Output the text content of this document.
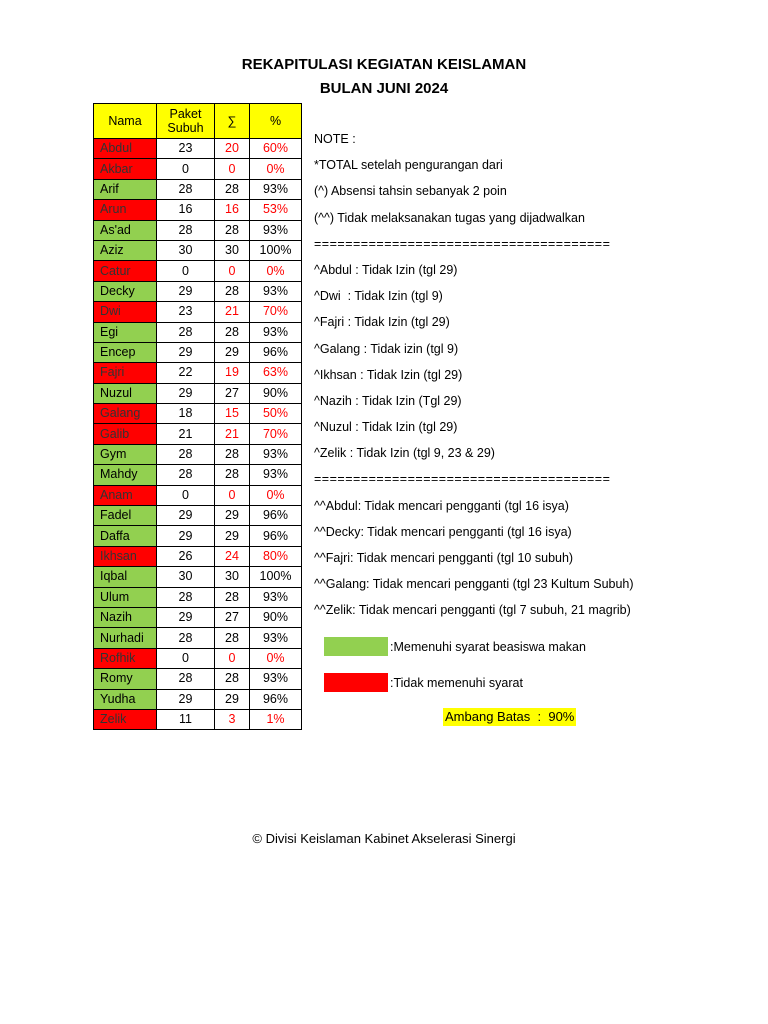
REKAPITULASI KEGIATAN KEISLAMAN
BULAN JUNI 2024
Nama	Paket Subuh	∑	%
Abdul	23	20	60%
Akbar	0	0	0%
Arif	28	28	93%
Arun	16	16	53%
As'ad	28	28	93%
Aziz	30	30	100%
Catur	0	0	0%
Decky	29	28	93%
Dwi	23	21	70%
Egi	28	28	93%
Encep	29	29	96%
Fajri	22	19	63%
Nuzul	29	27	90%
Galang	18	15	50%
Galib	21	21	70%
Gym	28	28	93%
Mahdy	28	28	93%
Anam	0	0	0%
Fadel	29	29	96%
Daffa	29	29	96%
Ikhsan	26	24	80%
Iqbal	30	30	100%
Ulum	28	28	93%
Nazih	29	27	90%
Nurhadi	28	28	93%
Rofhik	0	0	0%
Romy	28	28	93%
Yudha	29	29	96%
Zelik	11	3	1%
NOTE :
*TOTAL setelah pengurangan dari
(^) Absensi tahsin sebanyak 2 poin
(^^) Tidak melaksanakan tugas yang dijadwalkan
======================================
^Abdul : Tidak Izin (tgl 29)
^Dwi  : Tidak Izin (tgl 9)
^Fajri : Tidak Izin (tgl 29)
^Galang : Tidak izin (tgl 9)
^Ikhsan : Tidak Izin (tgl 29)
^Nazih : Tidak Izin (Tgl 29)
^Nuzul : Tidak Izin (tgl 29)
^Zelik : Tidak Izin (tgl 9, 23 & 29)
======================================
^^Abdul: Tidak mencari pengganti (tgl 16 isya)
^^Decky: Tidak mencari pengganti (tgl 16 isya)
^^Fajri: Tidak mencari pengganti (tgl 10 subuh)
^^Galang: Tidak mencari pengganti (tgl 23 Kultum Subuh)
^^Zelik: Tidak mencari pengganti (tgl 7 subuh, 21 magrib)
:Memenuhi syarat beasiswa makan
:Tidak memenuhi syarat
Ambang Batas  :  90%
© Divisi Keislaman Kabinet Akselerasi Sinergi
